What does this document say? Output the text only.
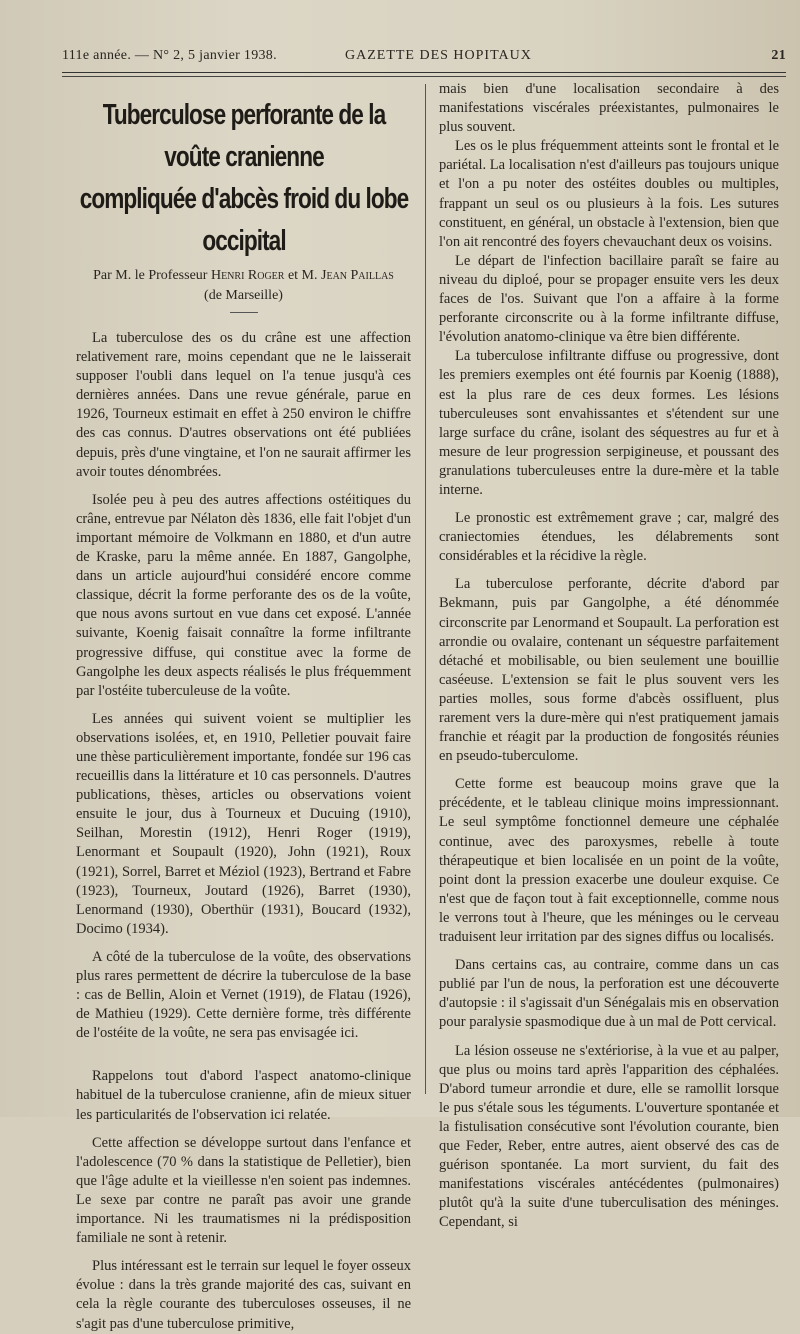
111e année. — N° 2, 5 janvier 1938.	GAZETTE DES HOPITAUX	21
Tuberculose perforante de la voûte cranienne
compliquée d'abcès froid du lobe occipital
Par M. le Professeur Henri Roger et M. Jean Paillas
(de Marseille)

La tuberculose des os du crâne est une affection relativement rare, moins cependant que ne le laisserait supposer l'oubli dans lequel on l'a tenue jusqu'à ces dernières années. Dans une revue générale, parue en 1926, Tourneux estimait en effet à 250 environ le chiffre des cas connus. D'autres observations ont été publiées depuis, près d'une vingtaine, et l'on ne saurait affirmer les avoir toutes dénombrées.

Isolée peu à peu des autres affections ostéitiques du crâne, entrevue par Nélaton dès 1836, elle fait l'objet d'un important mémoire de Volkmann en 1880, et d'un autre de Kraske, paru la même année. En 1887, Gangolphe, dans un article aujourd'hui considéré encore comme classique, décrit la forme perforante des os de la voûte, que nous avons surtout en vue dans cet exposé. L'année suivante, Koenig faisait connaître la forme infiltrante progressive diffuse, qui constitue avec la forme de Gangolphe les deux aspects réalisés le plus fréquemment par l'ostéite tuberculeuse de la voûte.

Les années qui suivent voient se multiplier les observations isolées, et, en 1910, Pelletier pouvait faire une thèse particulièrement importante, fondée sur 196 cas recueillis dans la littérature et 10 cas personnels. D'autres publications, thèses, articles ou observations voient ensuite le jour, dus à Tourneux et Ducuing (1910), Seilhan, Morestin (1912), Henri Roger (1919), Lenormant et Soupault (1920), John (1921), Roux (1921), Sorrel, Barret et Méziol (1923), Bertrand et Fabre (1923), Tourneux, Joutard (1926), Barret (1930), Lenormand (1930), Oberthür (1931), Boucard (1932), Docimo (1934).

A côté de la tuberculose de la voûte, des observations plus rares permettent de décrire la tuberculose de la base : cas de Bellin, Aloin et Vernet (1919), de Flatau (1926), de Mathieu (1929). Cette dernière forme, très différente de l'ostéite de la voûte, ne sera pas envisagée ici.

Rappelons tout d'abord l'aspect anatomo-clinique habituel de la tuberculose cranienne, afin de mieux situer les particularités de l'observation ici relatée.

Cette affection se développe surtout dans l'enfance et l'adolescence (70 % dans la statistique de Pelletier), bien que l'âge adulte et la vieillesse n'en soient pas indemnes. Le sexe par contre ne paraît pas avoir une grande importance. Ni les traumatismes ni la prédisposition familiale ne sont à retenir.

Plus intéressant est le terrain sur lequel le foyer osseux évolue : dans la très grande majorité des cas, suivant en cela la règle courante des tuberculoses osseuses, il ne s'agit pas d'une tuberculose primitive,

mais bien d'une localisation secondaire à des manifestations viscérales préexistantes, pulmonaires le plus souvent.

Les os le plus fréquemment atteints sont le frontal et le pariétal. La localisation n'est d'ailleurs pas toujours unique et l'on a pu noter des ostéites doubles ou multiples, frappant un seul os ou plusieurs à la fois. Les sutures constituent, en général, un obstacle à l'extension, bien que l'on ait rencontré des foyers chevauchant deux os voisins.

Le départ de l'infection bacillaire paraît se faire au niveau du diploé, pour se propager ensuite vers les deux faces de l'os. Suivant que l'on a affaire à la forme perforante circonscrite ou à la forme infiltrante diffuse, l'évolution anatomo-clinique va être bien différente.

La tuberculose infiltrante diffuse ou progressive, dont les premiers exemples ont été fournis par Koenig (1888), est la plus rare de ces deux formes. Les lésions tuberculeuses sont envahissantes et s'étendent sur une large surface du crâne, isolant des séquestres au fur et à mesure de leur progression serpigineuse, et poussant des granulations tuberculeuses entre la dure-mère et la table interne.

Le pronostic est extrêmement grave ; car, malgré des craniectomies étendues, les délabrements sont considérables et la récidive la règle.

La tuberculose perforante, décrite d'abord par Bekmann, puis par Gangolphe, a été dénommée circonscrite par Lenormand et Soupault. La perforation est arrondie ou ovalaire, contenant un séquestre parfaitement détaché et mobilisable, ou bien seulement une bouillie caséeuse. L'extension se fait le plus souvent vers les parties molles, sous forme d'abcès ossifluent, plus rarement vers la dure-mère qui n'est pratiquement jamais franchie et réagit par la production de fongosités réunies en pseudo-tuberculome.

Cette forme est beaucoup moins grave que la précédente, et le tableau clinique moins impressionnant. Le seul symptôme fonctionnel demeure une céphalée continue, avec des paroxysmes, rebelle à toute thérapeutique et bien localisée en un point de la voûte, point dont la pression exacerbe une douleur exquise. Ce n'est que de façon tout à fait exceptionnelle, comme nous le verrons tout à l'heure, que les méninges ou le cerveau traduisent leur irritation par des signes diffus ou localisés.

Dans certains cas, au contraire, comme dans un cas publié par l'un de nous, la perforation est une découverte d'autopsie : il s'agissait d'un Sénégalais mis en observation pour paralysie spasmodique due à un mal de Pott cervical.

La lésion osseuse ne s'extériorise, à la vue et au palper, que plus ou moins tard après l'apparition des céphalées. D'abord tumeur arrondie et dure, elle se ramollit lorsque le pus s'étale sous les téguments. L'ouverture spontanée et la fistulisation consécutive sont l'évolution courante, bien que Feder, Reber, entre autres, aient observé des cas de guérison spontanée. La mort survient, du fait des manifestations viscérales antécédentes (pulmonaires) plutôt qu'à la suite d'une tuberculisation des méninges. Cependant, si
